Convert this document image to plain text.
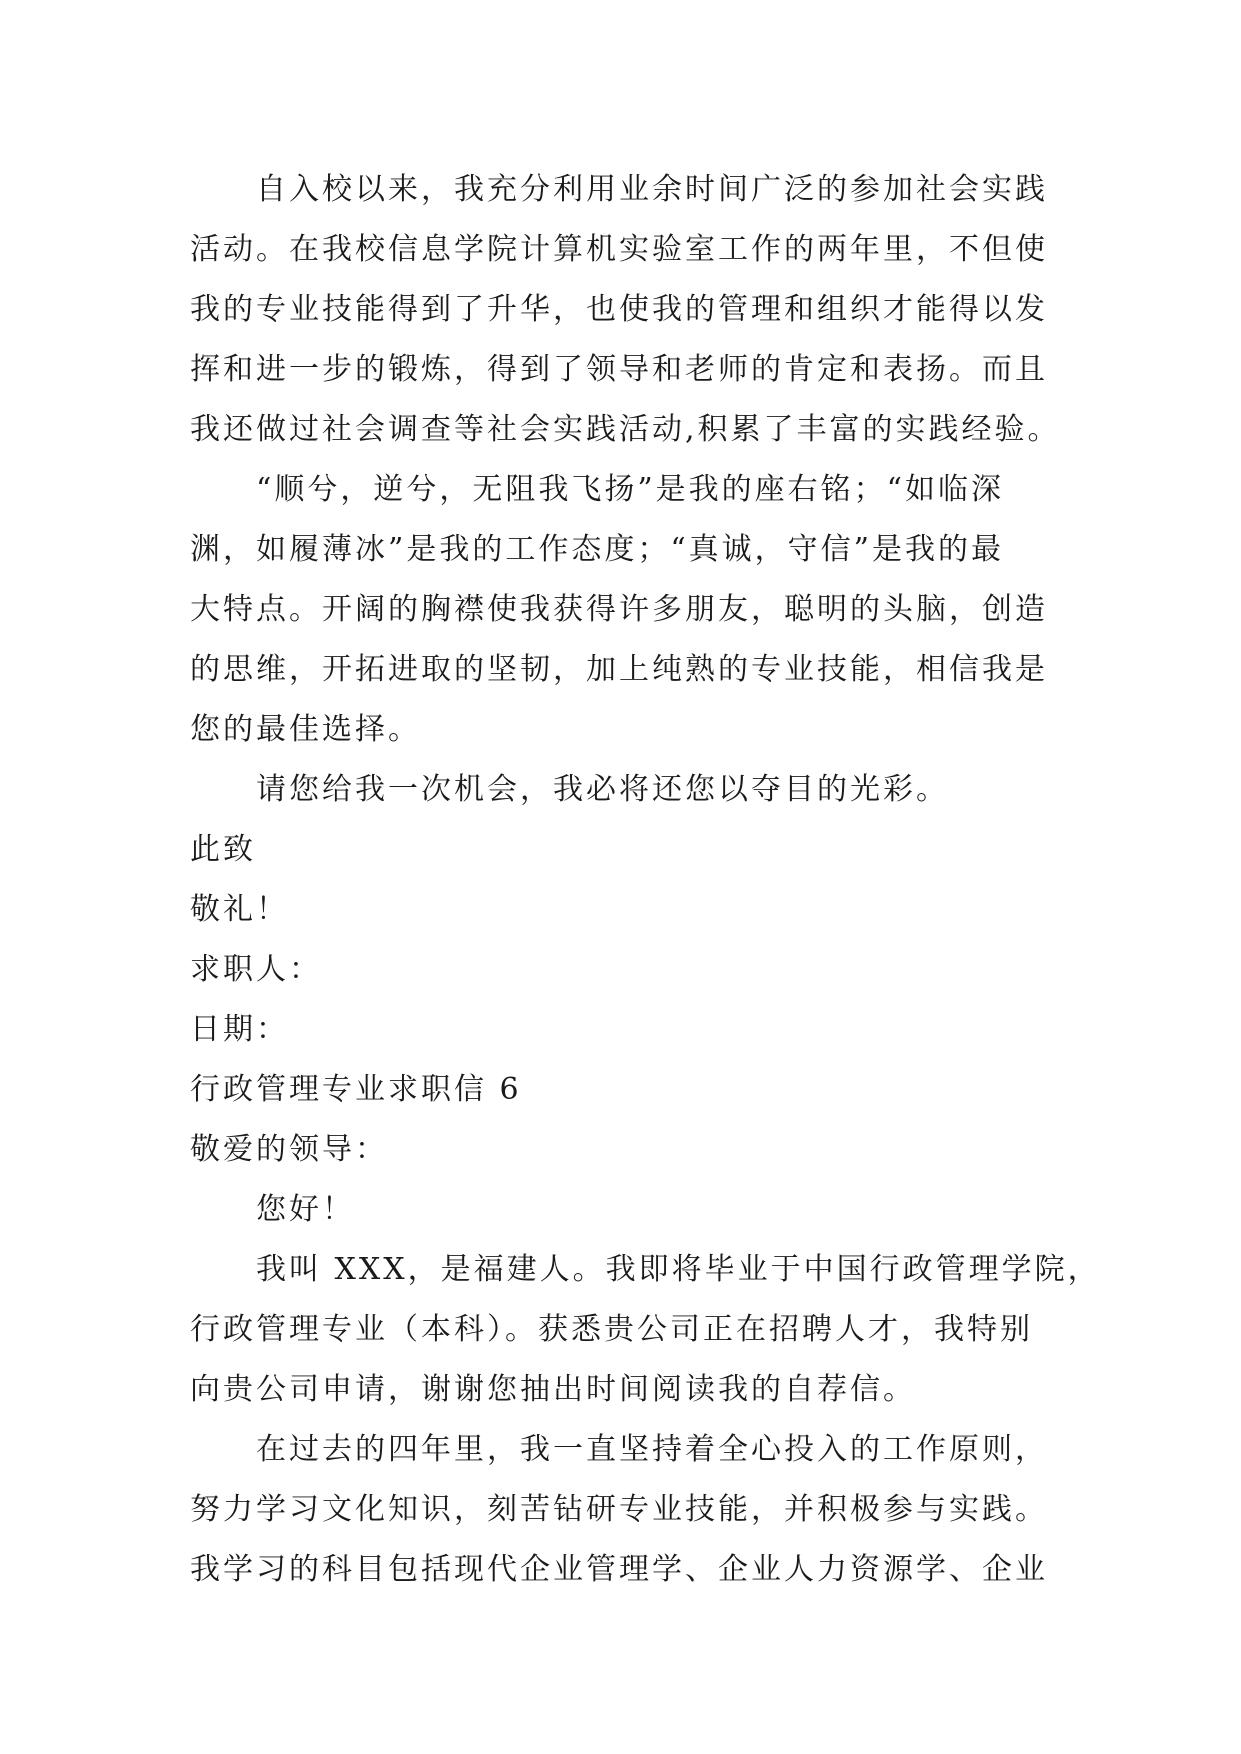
自入校以来，我充分利用业余时间广泛的参加社会实践
活动。在我校信息学院计算机实验室工作的两年里，不但使
我的专业技能得到了升华，也使我的管理和组织才能得以发
挥和进一步的锻炼，得到了领导和老师的肯定和表扬。而且
我还做过社会调查等社会实践活动,积累了丰富的实践经验。
“顺兮，逆兮，无阻我飞扬”是我的座右铭；“如临深
渊，如履薄冰”是我的工作态度；“真诚，守信”是我的最
大特点。开阔的胸襟使我获得许多朋友，聪明的头脑，创造
的思维，开拓进取的坚韧，加上纯熟的专业技能，相信我是
您的最佳选择。
请您给我一次机会，我必将还您以夺目的光彩。
此致
敬礼！
求职人：
日期：
行政管理专业求职信 6
敬爱的领导：
您好！
我叫 XXX，是福建人。我即将毕业于中国行政管理学院，
行政管理专业（本科）。获悉贵公司正在招聘人才，我特别
向贵公司申请，谢谢您抽出时间阅读我的自荐信。
在过去的四年里，我一直坚持着全心投入的工作原则，
努力学习文化知识，刻苦钻研专业技能，并积极参与实践。
我学习的科目包括现代企业管理学、企业人力资源学、企业
